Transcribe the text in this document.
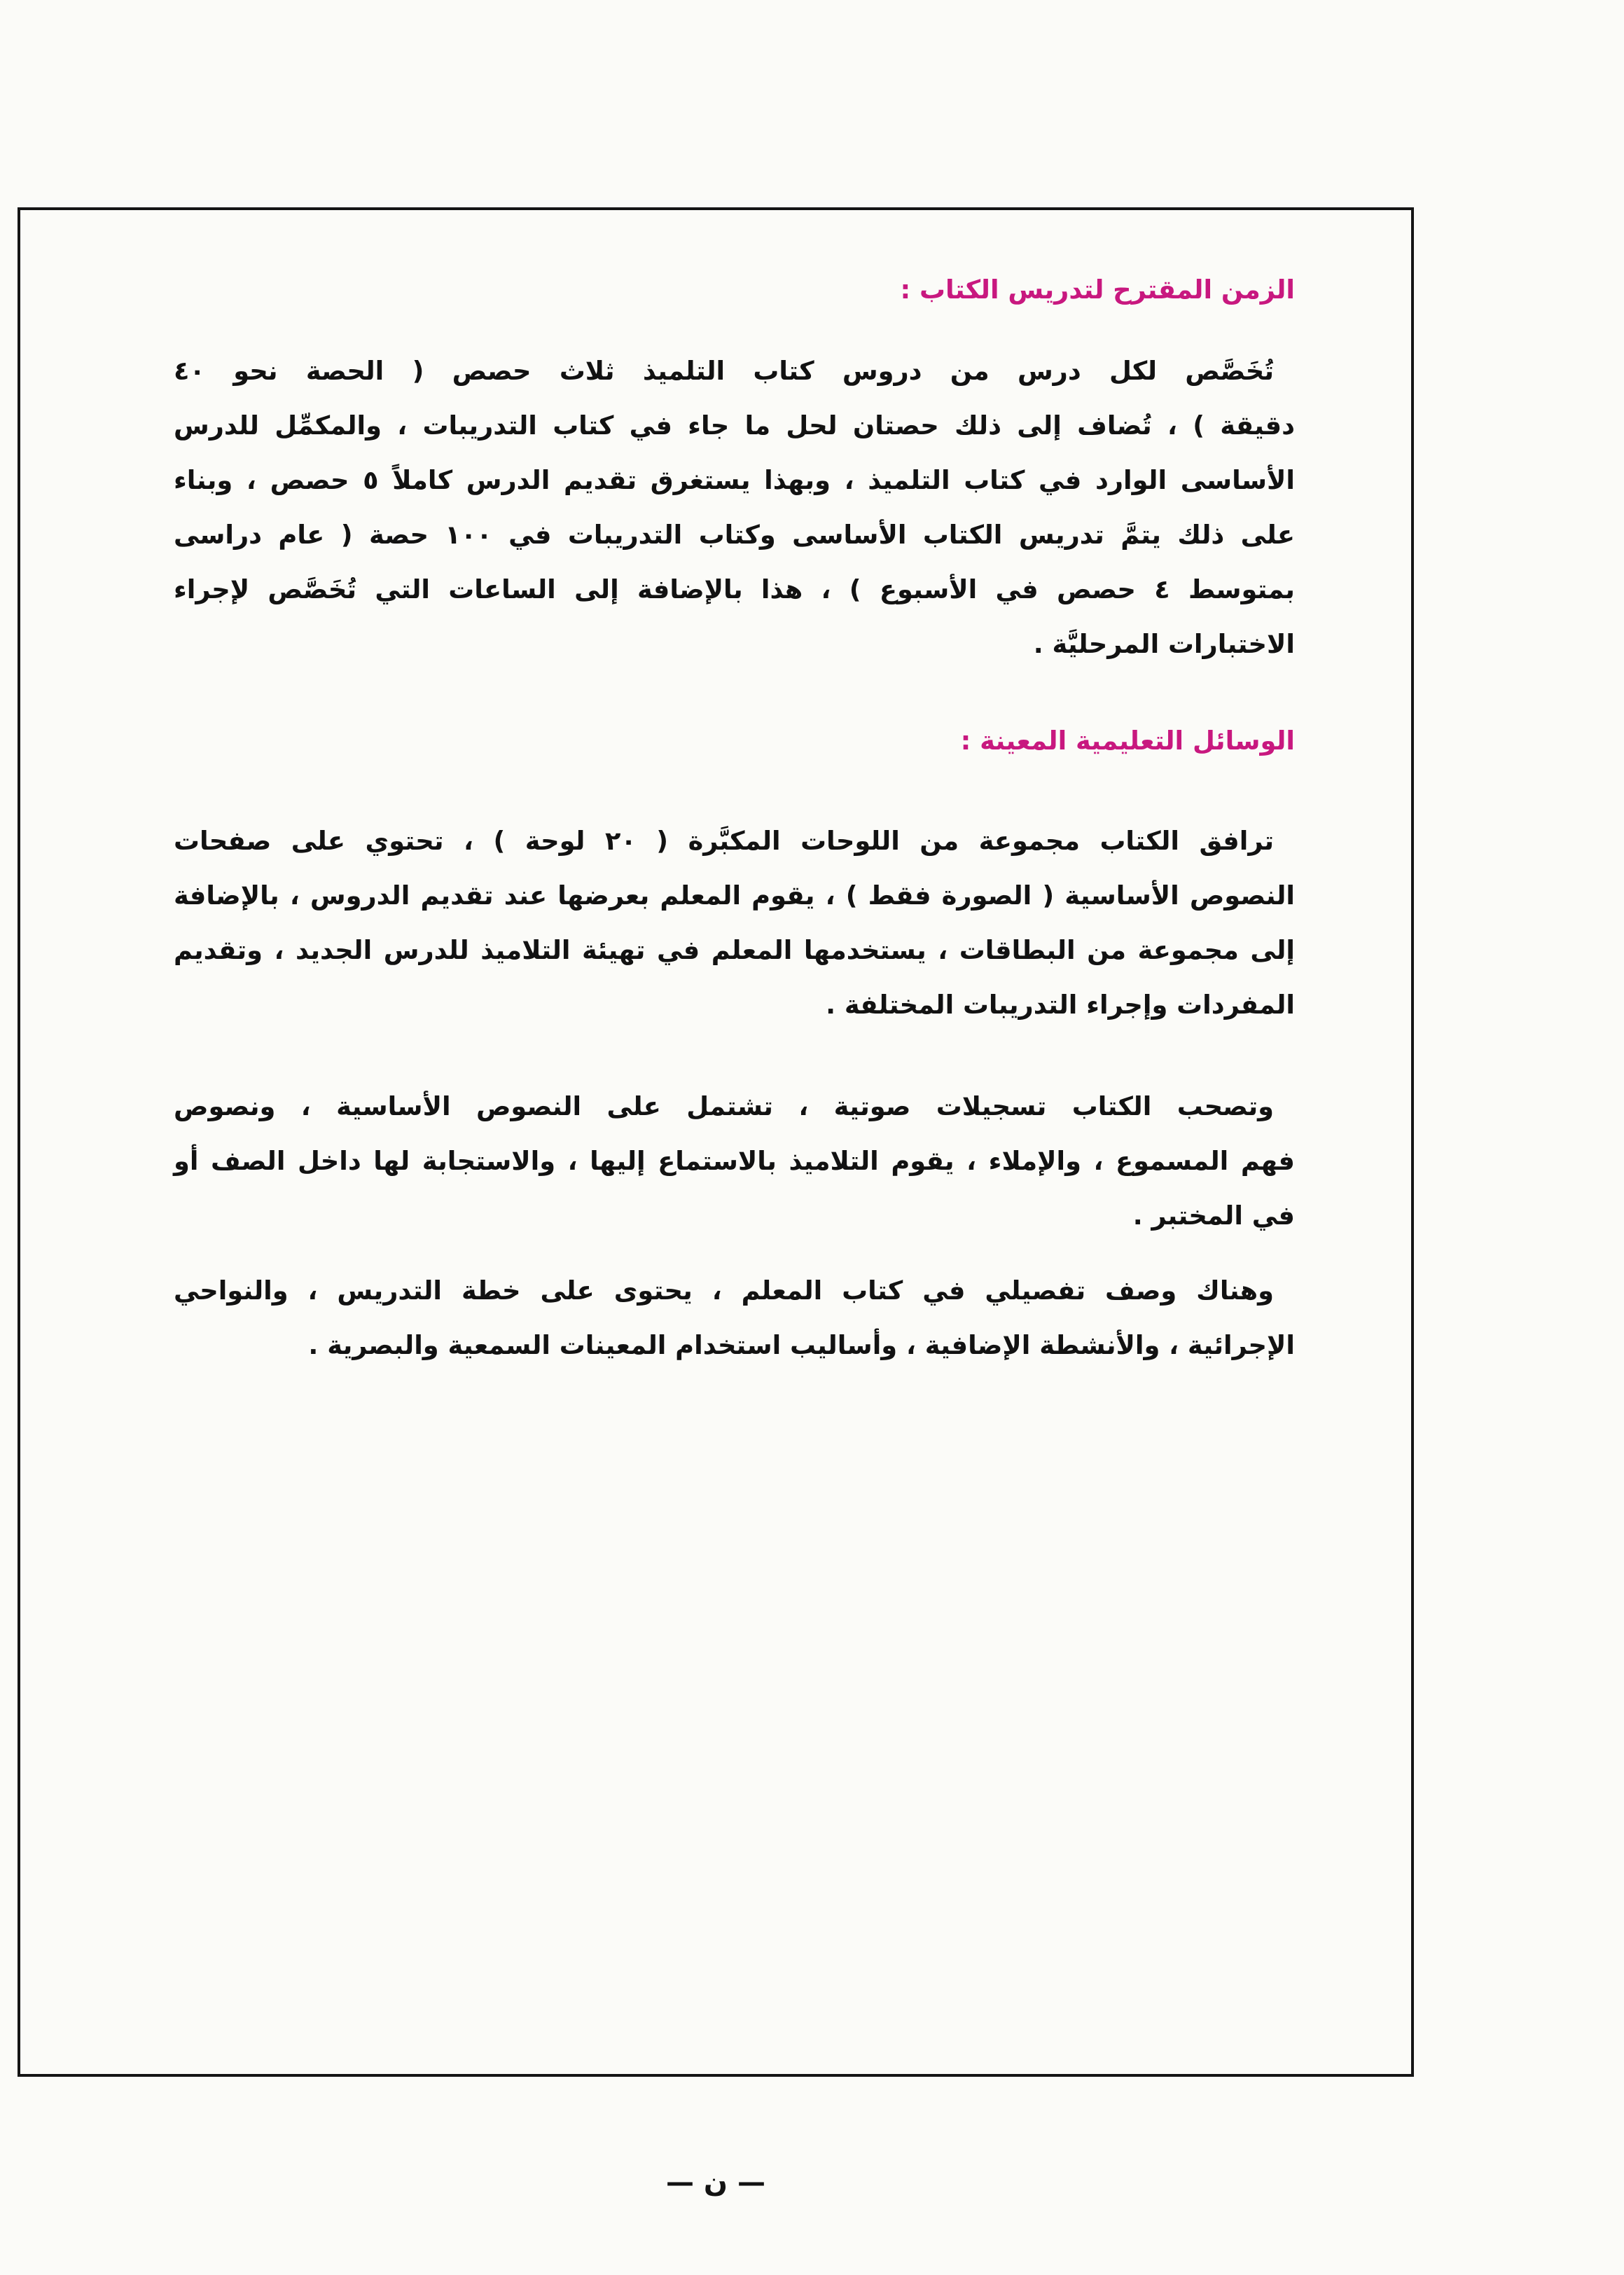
الزمن المقترح لتدريس الكتاب :
تُخَصَّص لكل درس من دروس كتاب التلميذ ثلاث حصص ( الحصة نحو ٤٠
دقيقة ) ، تُضاف إلى ذلك حصتان لحل ما جاء في كتاب التدريبات ، والمكمِّل للدرس
الأساسى الوارد في كتاب التلميذ ، وبهذا يستغرق تقديم الدرس كاملاً ٥ حصص ، وبناء
على ذلك يتمَّ تدريس الكتاب الأساسى وكتاب التدريبات في ١٠٠ حصة ( عام دراسى
بمتوسط ٤ حصص في الأسبوع ) ، هذا بالإضافة إلى الساعات التي تُخَصَّص لإجراء
الاختبارات المرحليَّة .
الوسائل التعليمية المعينة :
ترافق الكتاب مجموعة من اللوحات المكبَّرة ( ٢٠ لوحة ) ، تحتوي على صفحات
النصوص الأساسية ( الصورة فقط ) ، يقوم المعلم بعرضها عند تقديم الدروس ، بالإضافة
إلى مجموعة من البطاقات ، يستخدمها المعلم في تهيئة التلاميذ للدرس الجديد ، وتقديم
المفردات وإجراء التدريبات المختلفة .
وتصحب الكتاب تسجيلات صوتية ، تشتمل على النصوص الأساسية ، ونصوص
فهم المسموع ، والإملاء ، يقوم التلاميذ بالاستماع إليها ، والاستجابة لها داخل الصف أو
في المختبر .
وهناك وصف تفصيلي في كتاب المعلم ، يحتوى على خطة التدريس ، والنواحي
الإجرائية ، والأنشطة الإضافية ، وأساليب استخدام المعينات السمعية والبصرية .
— ن —
